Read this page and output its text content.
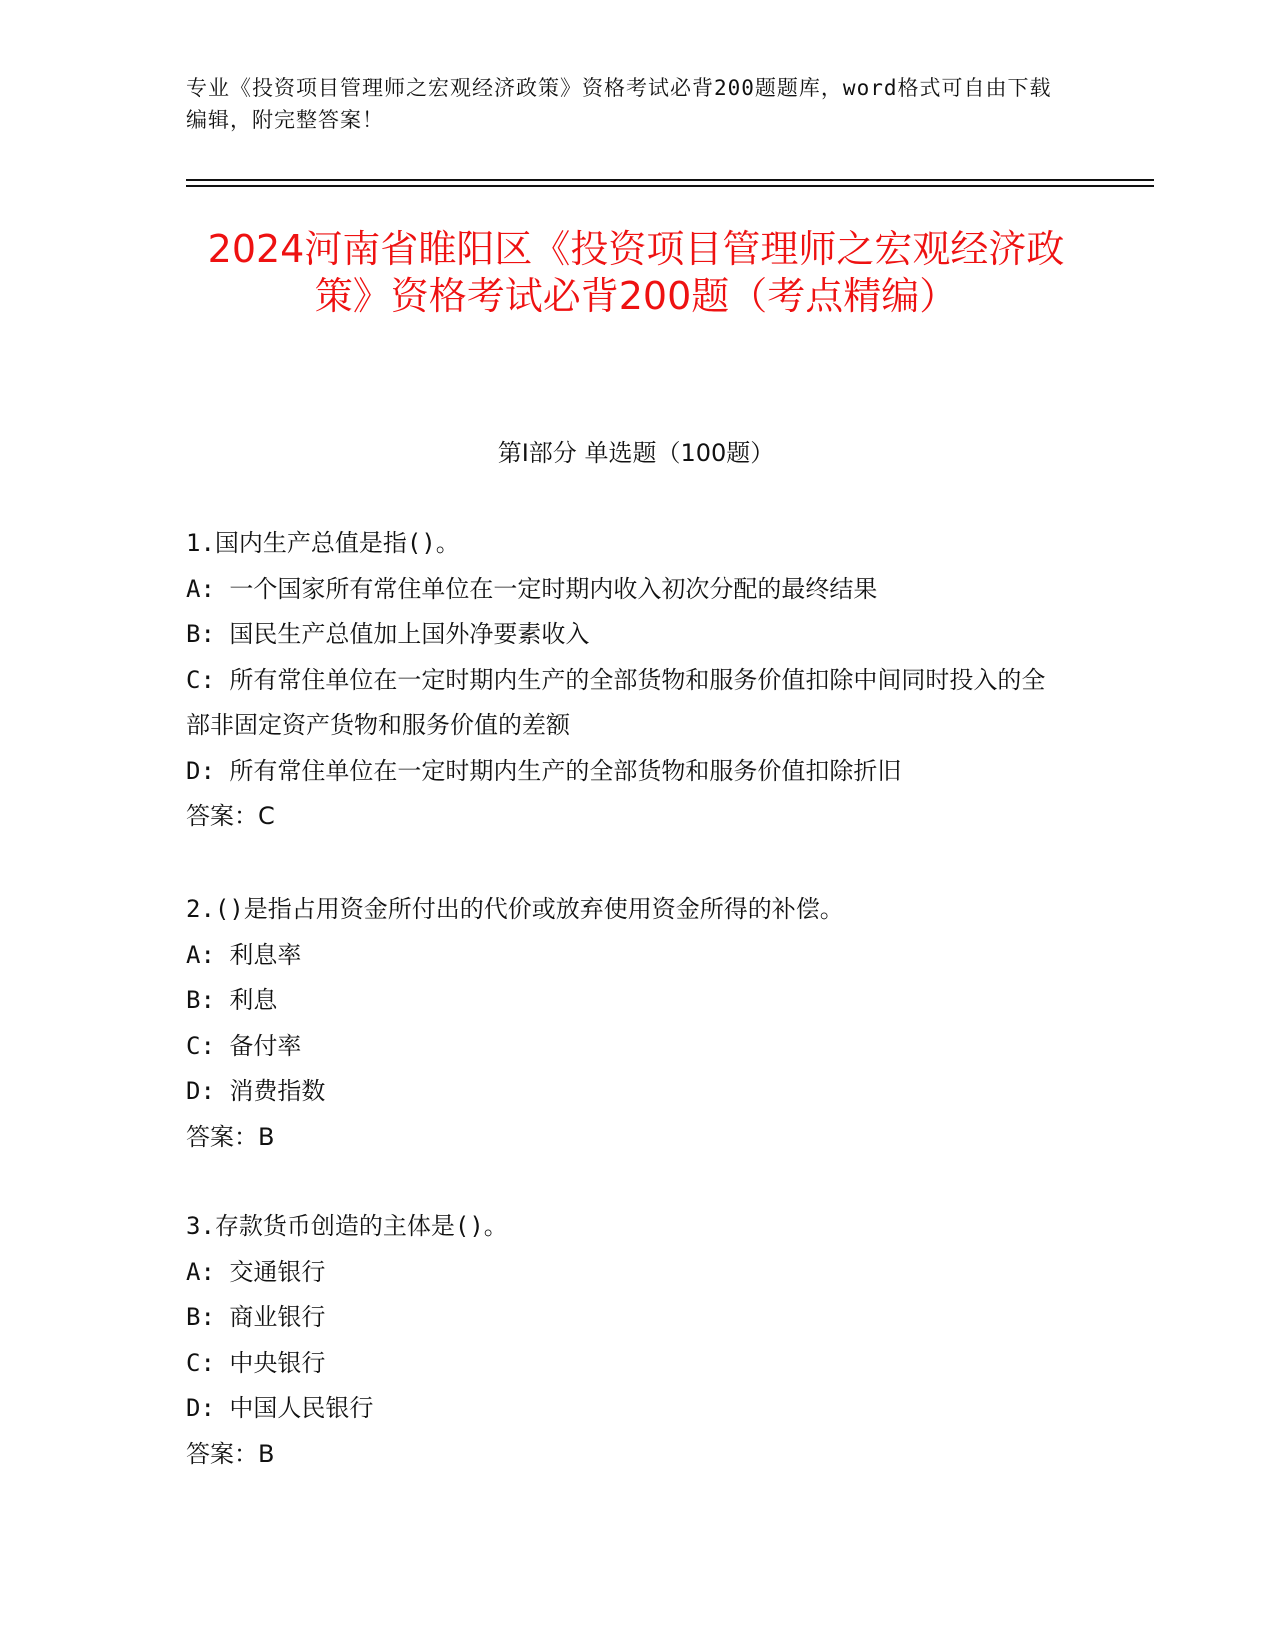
专业《投资项目管理师之宏观经济政策》资格考试必背200题题库，word格式可自由下载编辑，附完整答案！
2024河南省睢阳区《投资项目管理师之宏观经济政策》资格考试必背200题（考点精编）
第I部分 单选题（100题）
1.国内生产总值是指()。
A: 一个国家所有常住单位在一定时期内收入初次分配的最终结果
B: 国民生产总值加上国外净要素收入
C: 所有常住单位在一定时期内生产的全部货物和服务价值扣除中间同时投入的全部非固定资产货物和服务价值的差额
D: 所有常住单位在一定时期内生产的全部货物和服务价值扣除折旧
答案：C
2.()是指占用资金所付出的代价或放弃使用资金所得的补偿。
A: 利息率
B: 利息
C: 备付率
D: 消费指数
答案：B
3.存款货币创造的主体是()。
A: 交通银行
B: 商业银行
C: 中央银行
D: 中国人民银行
答案：B
